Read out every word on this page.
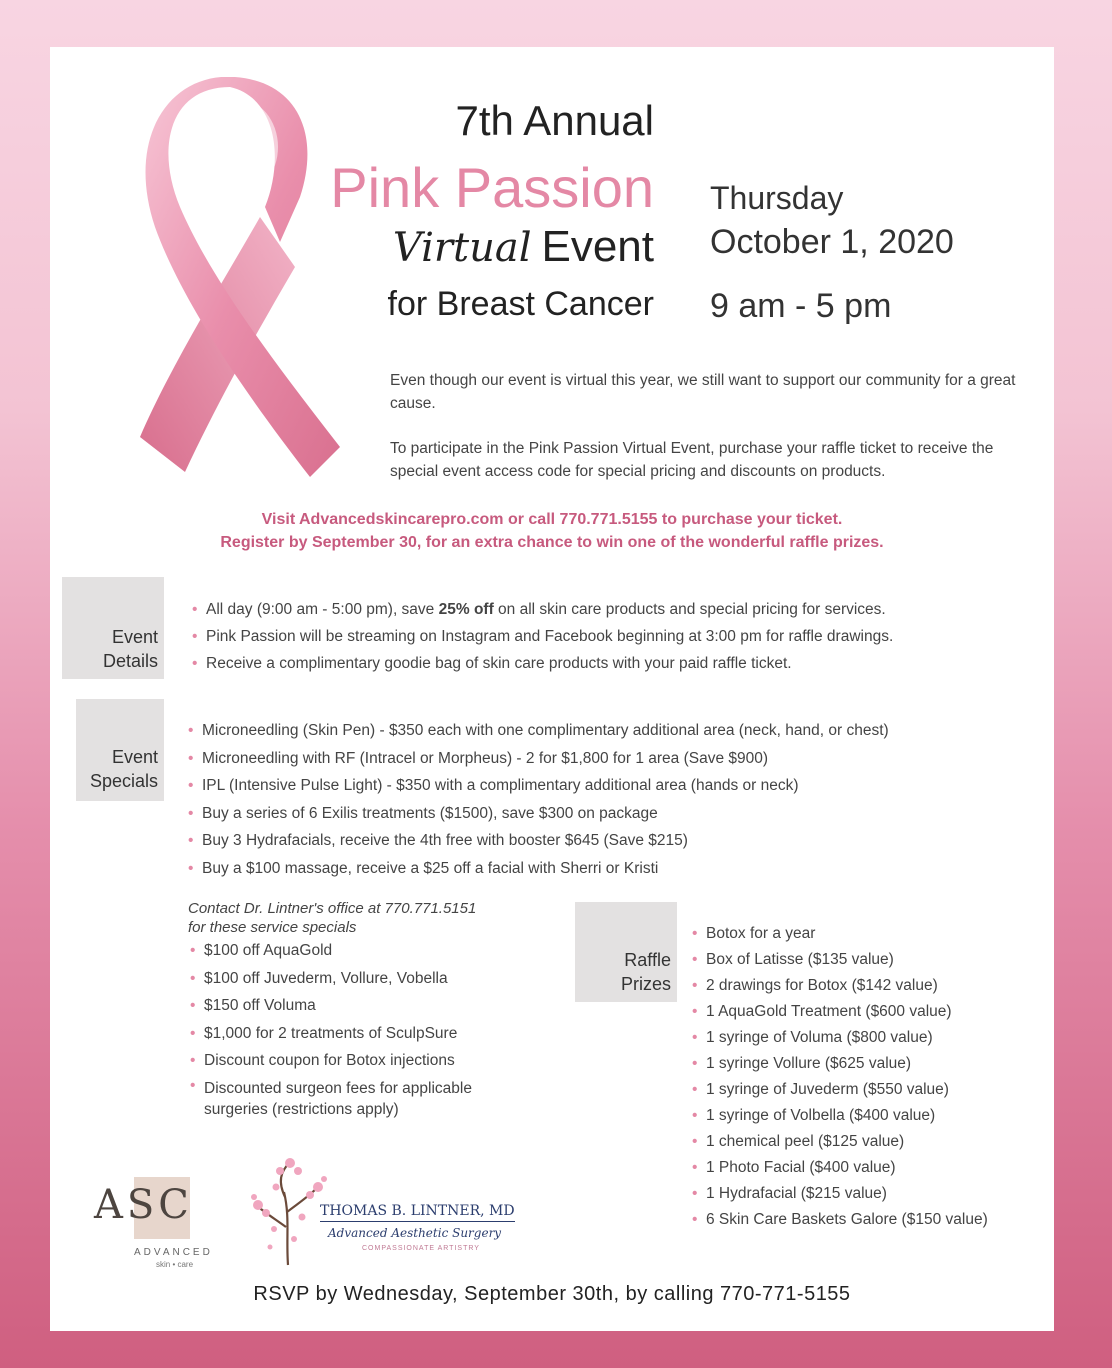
7th Annual
Pink Passion
Virtual Event
for Breast Cancer
Thursday
October 1, 2020
9 am - 5 pm

Even though our event is virtual this year, we still want to support our community for a great cause.

To participate in the Pink Passion Virtual Event, purchase your raffle ticket to receive the special event access code for special pricing and discounts on products.

Visit Advancedskincarepro.com or call 770.771.5155 to purchase your ticket.
Register by September 30, for an extra chance to win one of the wonderful raffle prizes.
Event
Details
• All day (9:00 am - 5:00 pm), save 25% off on all skin care products and special pricing for services.
• Pink Passion will be streaming on Instagram and Facebook beginning at 3:00 pm for raffle drawings.
• Receive a complimentary goodie bag of skin care products with your paid raffle ticket.
Event
Specials
• Microneedling (Skin Pen) - $350 each with one complimentary additional area (neck, hand, or chest)
• Microneedling with RF (Intracel or Morpheus) - 2 for $1,800 for 1 area (Save $900)
• IPL (Intensive Pulse Light) - $350 with a complimentary additional area (hands or neck)
• Buy a series of 6 Exilis treatments ($1500), save $300 on package
• Buy 3 Hydrafacials, receive the 4th free with booster $645 (Save $215)
• Buy a $100 massage, receive a $25 off a facial with Sherri or Kristi
Contact Dr. Lintner's office at 770.771.5151
for these service specials
• $100 off AquaGold
• $100 off Juvederm, Vollure, Vobella
• $150 off Voluma
• $1,000 for 2 treatments of SculpSure
• Discount coupon for Botox injections
• Discounted surgeon fees for applicable surgeries (restrictions apply)
Raffle
Prizes
• Botox for a year
• Box of Latisse ($135 value)
• 2 drawings for Botox ($142 value)
• 1 AquaGold Treatment ($600 value)
• 1 syringe of Voluma ($800 value)
• 1 syringe Vollure ($625 value)
• 1 syringe of Juvederm ($550 value)
• 1 syringe of Volbella ($400 value)
• 1 chemical peel ($125 value)
• 1 Photo Facial ($400 value)
• 1 Hydrafacial ($215 value)
• 6 Skin Care Baskets Galore ($150 value)
ASC
ADVANCED
skin • care
THOMAS B. LINTNER, MD
Advanced Aesthetic Surgery
COMPASSIONATE ARTISTRY
RSVP by Wednesday, September 30th, by calling 770-771-5155
